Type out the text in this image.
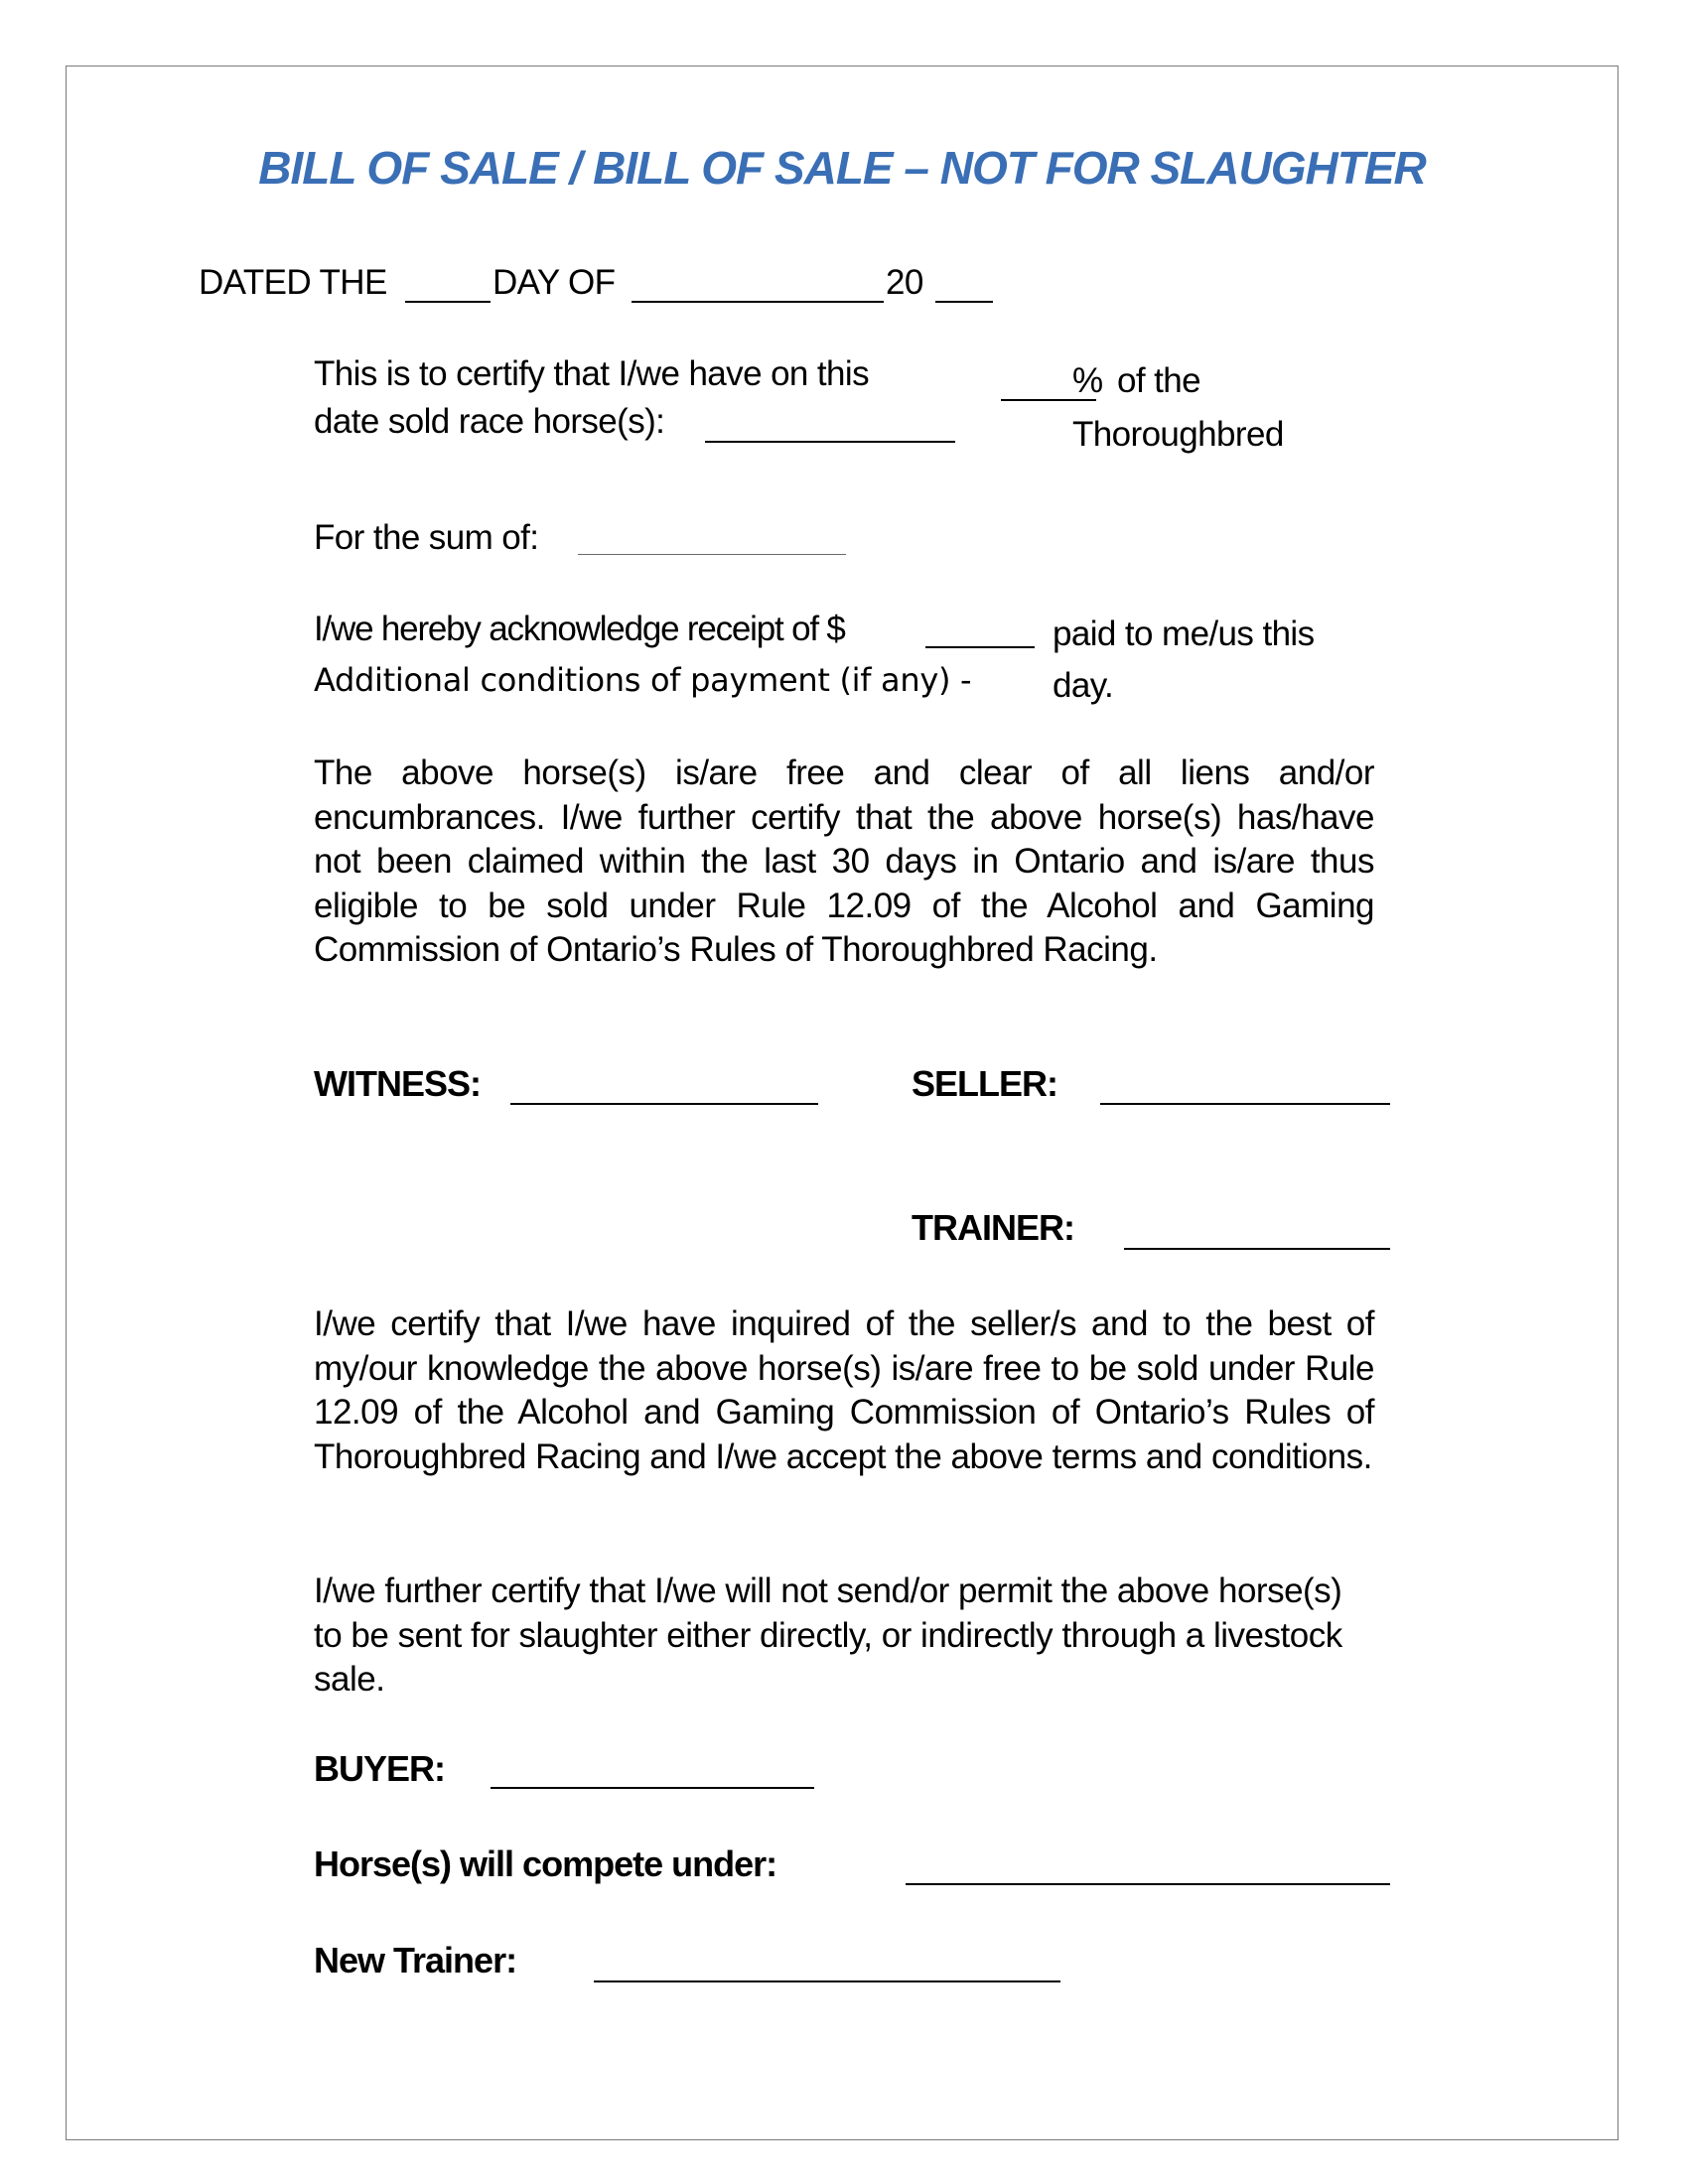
BILL OF SALE / BILL OF SALE – NOT FOR SLAUGHTER
DATED THE	DAY OF	20
This is to certify that I/we have on this
date sold race horse(s):
% of the
Thoroughbred
For the sum of:
I/we hereby acknowledge receipt of $	paid to me/us this
Additional conditions of payment (if any) - day.
The above horse(s) is/are free and clear of all liens and/or encumbrances. I/we further certify that the above horse(s) has/have not been claimed within the last 30 days in Ontario and is/are thus eligible to be sold under Rule 12.09 of the Alcohol and Gaming Commission of Ontario’s Rules of Thoroughbred Racing.
WITNESS:	SELLER:
TRAINER:
I/we certify that I/we have inquired of the seller/s and to the best of my/our knowledge the above horse(s) is/are free to be sold under Rule 12.09 of the Alcohol and Gaming Commission of Ontario’s Rules of Thoroughbred Racing and I/we accept the above terms and conditions.
I/we further certify that I/we will not send/or permit the above horse(s) to be sent for slaughter either directly, or indirectly through a livestock sale.
BUYER:
Horse(s) will compete under:
New Trainer:
